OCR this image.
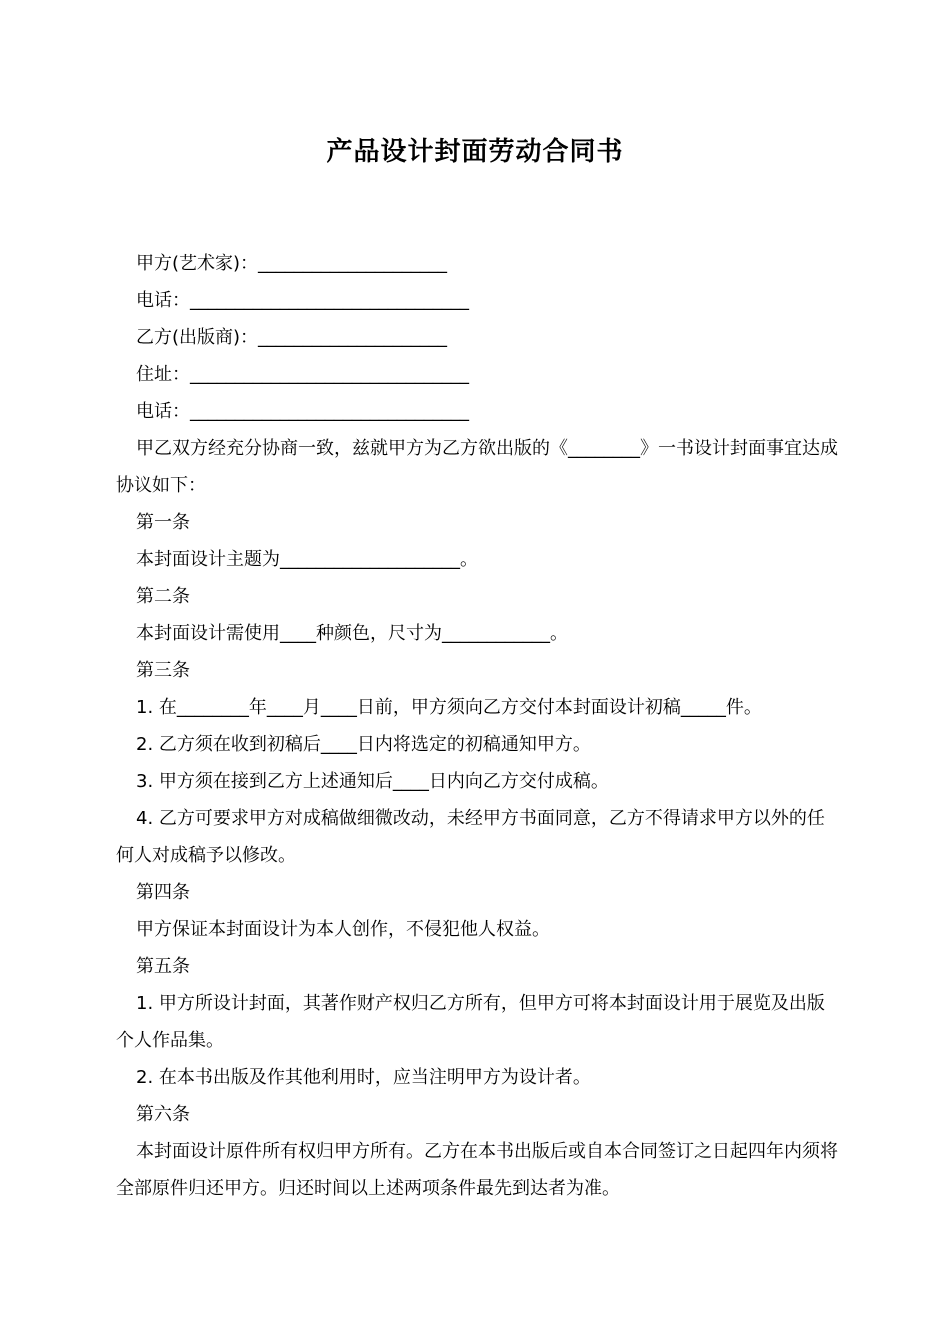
产品设计封面劳动合同书

甲方(艺术家)：_____________________

电话：_______________________________

乙方(出版商)：_____________________

住址：_______________________________

电话：_______________________________

甲乙双方经充分协商一致，兹就甲方为乙方欲出版的《________》一书设计封面事宜达成协议如下：

第一条

本封面设计主题为____________________。

第二条

本封面设计需使用____种颜色，尺寸为____________。

第三条

1. 在________年____月____日前，甲方须向乙方交付本封面设计初稿_____件。

2. 乙方须在收到初稿后____日内将选定的初稿通知甲方。

3. 甲方须在接到乙方上述通知后____日内向乙方交付成稿。

4. 乙方可要求甲方对成稿做细微改动，未经甲方书面同意，乙方不得请求甲方以外的任何人对成稿予以修改。

第四条

甲方保证本封面设计为本人创作，不侵犯他人权益。

第五条

1. 甲方所设计封面，其著作财产权归乙方所有，但甲方可将本封面设计用于展览及出版个人作品集。

2. 在本书出版及作其他利用时，应当注明甲方为设计者。

第六条

本封面设计原件所有权归甲方所有。乙方在本书出版后或自本合同签订之日起四年内须将全部原件归还甲方。归还时间以上述两项条件最先到达者为准。
